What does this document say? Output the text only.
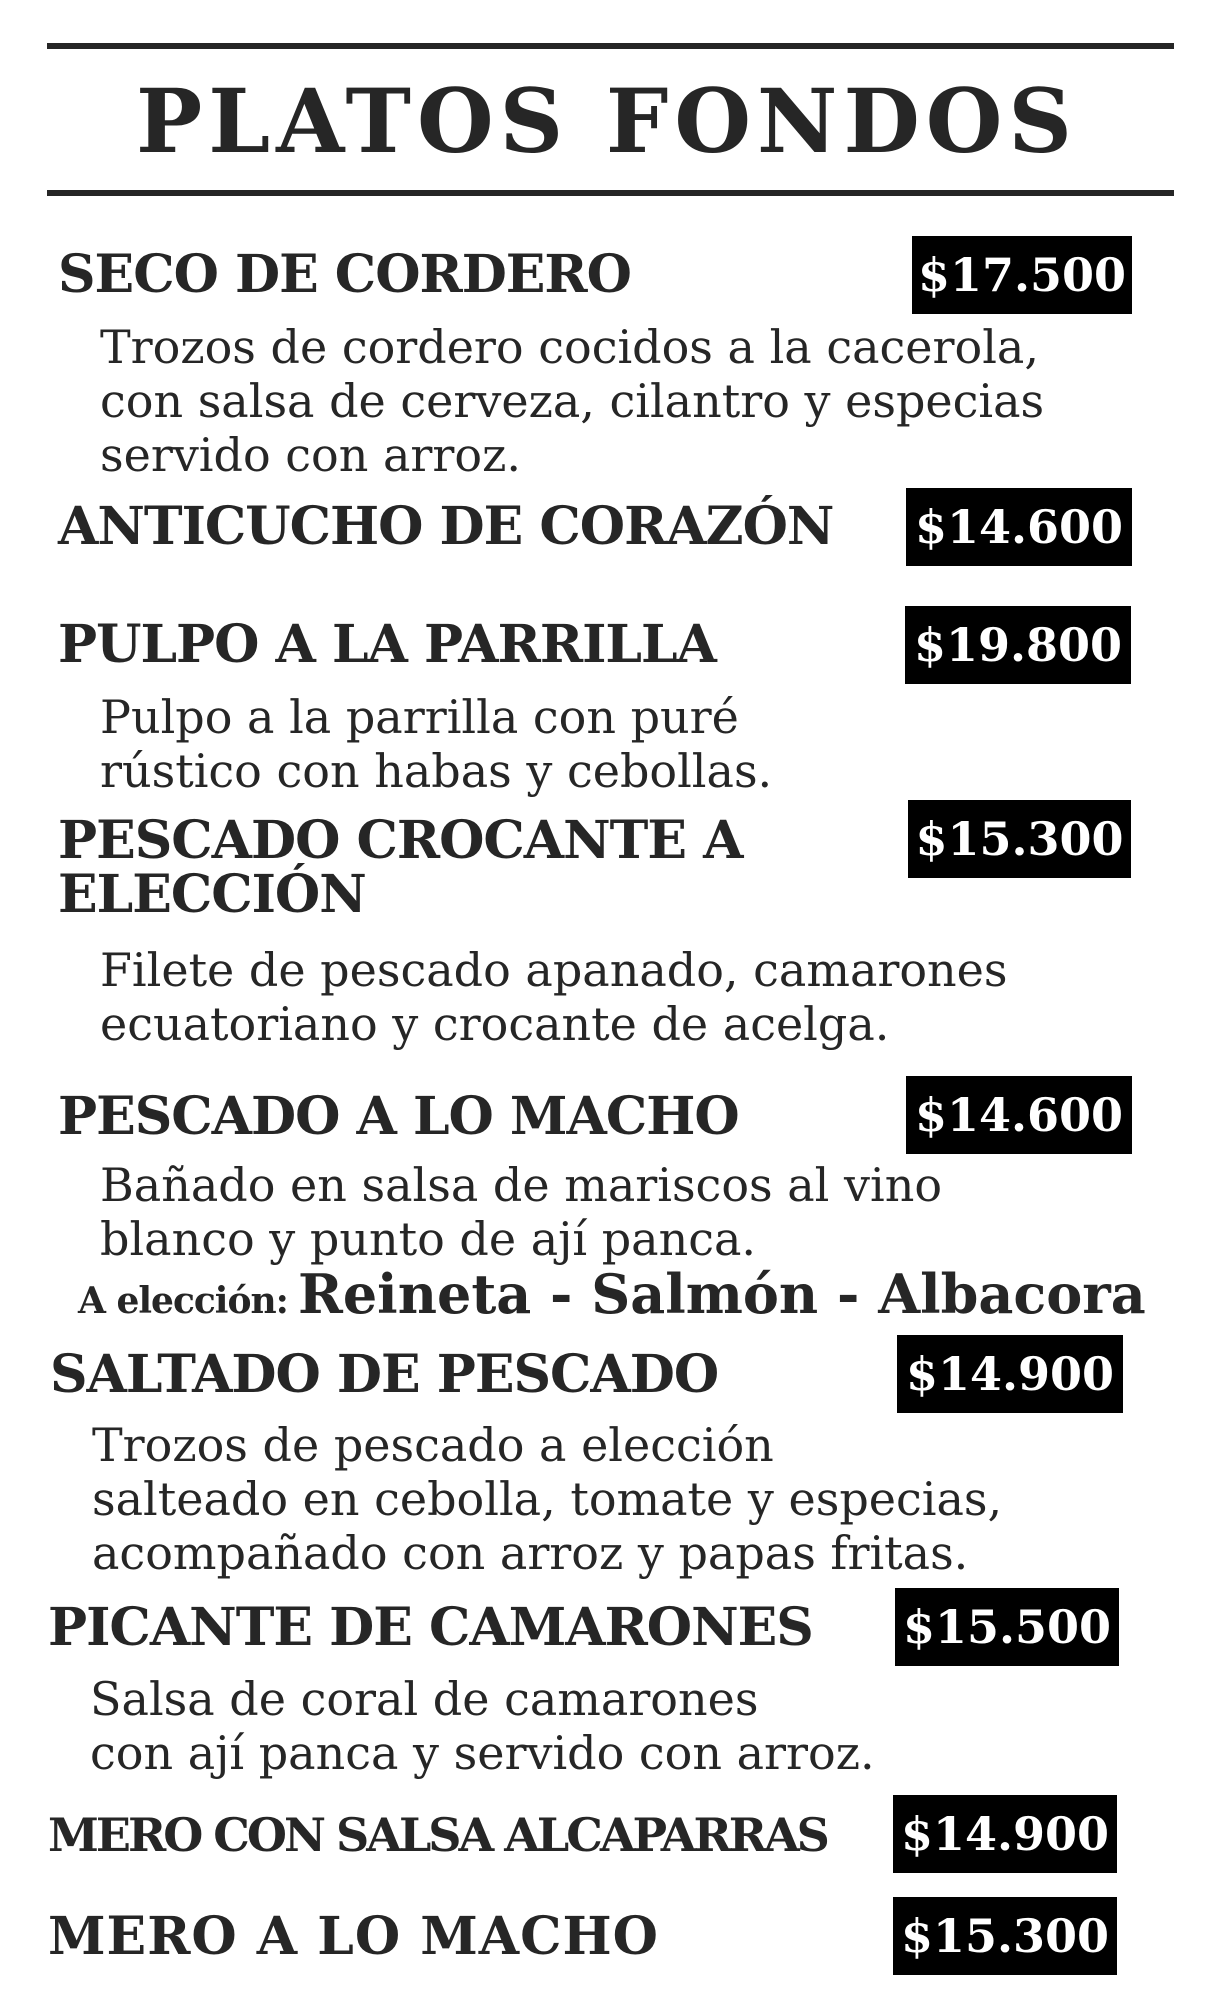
PLATOS FONDOS
SECO DE CORDERO	$17.500
Trozos de cordero cocidos a la cacerola,
con salsa de cerveza, cilantro y especias
servido con arroz.
ANTICUCHO DE CORAZÓN $14.600
PULPO A LA PARRILLA	$19.800
Pulpo a la parrilla con puré
rústico con habas y cebollas.
PESCADO CROCANTE A
ELECCIÓN
$15.300
Filete de pescado apanado, camarones
ecuatoriano y crocante de acelga.
PESCADO A LO MACHO	$14.600
Bañado en salsa de mariscos al vino
blanco y punto de ají panca.
A elección: Reineta - Salmón - Albacora
SALTADO DE PESCADO	$14.900
Trozos de pescado a elección
salteado en cebolla, tomate y especias,
acompañado con arroz y papas fritas.
PICANTE DE CAMARONES $15.500
Salsa de coral de camarones
con ají panca y servido con arroz.
MERO CON SALSA ALCAPARRAS $14.900
MERO A LO MACHO	$15.300
